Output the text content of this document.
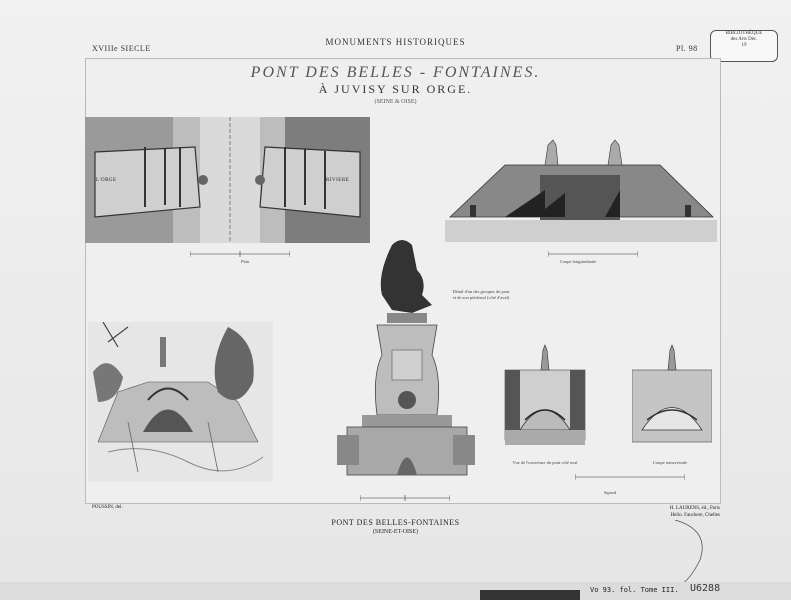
XVIIIe SIECLE
MONUMENTS HISTORIQUES
Pl. 98
BIBLIOTHÈQUE
des Arts Déc.
19
PONT DES BELLES - FONTAINES.
À JUVISY SUR ORGE.
(SEINE & OISE)
L'ORGE	RIVIERE
Plan	Coupe longitudinale
Détail d'un des groupes du pont et de son piédestal (côté d'aval)
Vue de l'ouverture du pont côté aval	Coupe transversale
Signed
POUSSIN, del.	H. LAURENS, éd., Paris
Helio. Fauchere, Chelles
PONT DES BELLES-FONTAINES
(SEINE-ET-OISE)
Vo 93. fol. Tome III. U6288
